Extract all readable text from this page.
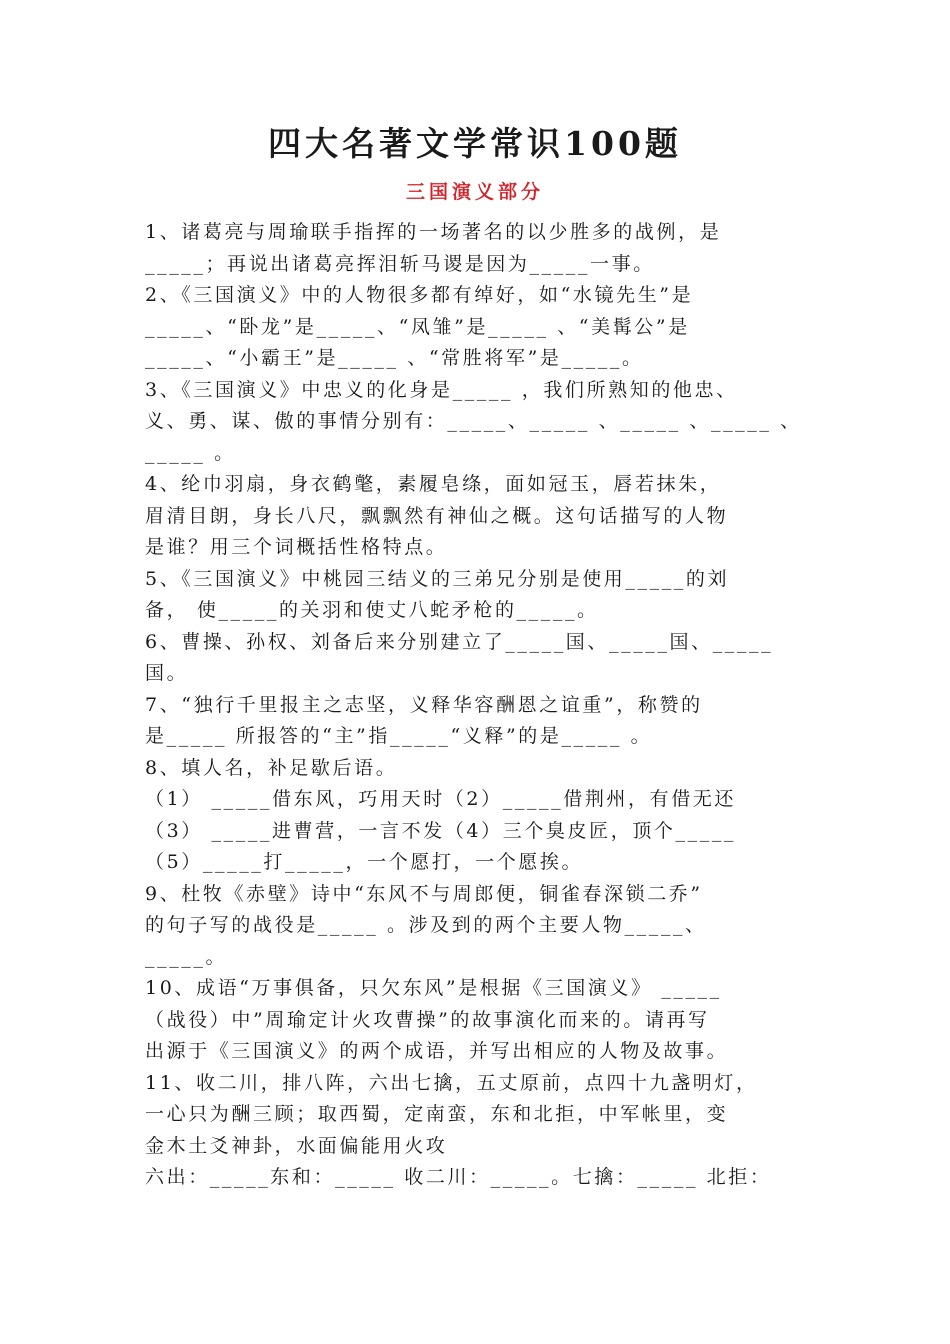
四大名著文学常识100题
三国演义部分
1、诸葛亮与周瑜联手指挥的一场著名的以少胜多的战例，是
_____；再说出诸葛亮挥泪斩马谡是因为_____一事。
2、《三国演义》中的人物很多都有绰好，如“水镜先生”是
_____、“卧龙”是_____、“凤雏”是_____ 、“美髯公”是
_____、“小霸王”是_____ 、“常胜将军”是_____。
3、《三国演义》中忠义的化身是_____ ，我们所熟知的他忠、
义、勇、谋、傲的事情分别有：_____、_____ 、_____ 、_____ 、
_____ 。
4、纶巾羽扇，身衣鹤氅，素履皂绦，面如冠玉，唇若抹朱，
眉清目朗，身长八尺，飘飘然有神仙之概。这句话描写的人物
是谁？用三个词概括性格特点。
5、《三国演义》中桃园三结义的三弟兄分别是使用_____的刘
备， 使_____的关羽和使丈八蛇矛枪的_____。
6、曹操、孙权、刘备后来分别建立了_____国、_____国、_____
国。
7、“独行千里报主之志坚，义释华容酬恩之谊重”，称赞的
是_____ 所报答的“主”指_____“义释”的是_____ 。
8、填人名，补足歇后语。
（1） _____借东风，巧用天时（2）_____借荆州，有借无还
（3） _____进曹营，一言不发（4）三个臭皮匠，顶个_____
（5）_____打_____，一个愿打，一个愿挨。
9、杜牧《赤壁》诗中“东风不与周郎便，铜雀春深锁二乔”
的句子写的战役是_____ 。涉及到的两个主要人物_____、
_____。
10、成语“万事俱备，只欠东风”是根据《三国演义》 _____
（战役）中”周瑜定计火攻曹操”的故事演化而来的。请再写
出源于《三国演义》的两个成语，并写出相应的人物及故事。
11、收二川，排八阵，六出七擒，五丈原前，点四十九盏明灯，
一心只为酬三顾；取西蜀，定南蛮，东和北拒，中军帐里，变
金木土爻神卦，水面偏能用火攻
六出：_____东和：_____ 收二川：_____。七擒：_____ 北拒：
